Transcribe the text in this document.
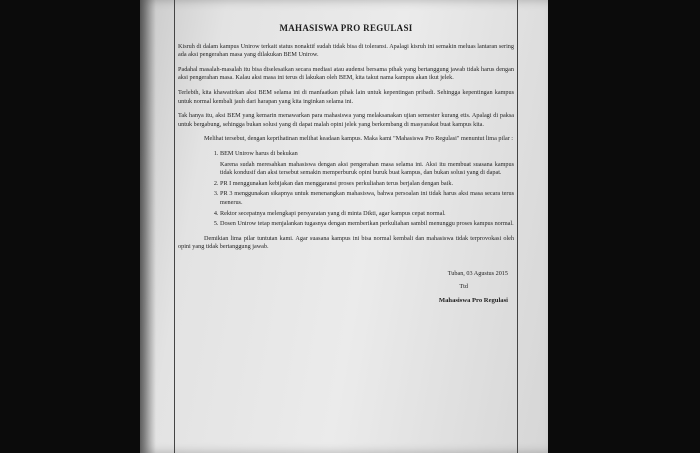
MAHASISWA PRO REGULASI

Kisruh di dalam kampus Unirow terkait status nonaktif sudah tidak bisa di toleransi. Apalagi kisruh ini semakin meluas lantaran sering ada aksi pengerahan masa yang dilakukan BEM Unirow.

Padahal masalah-masalah itu bisa diselesaikan secara mediasi atau audensi bersama pihak yang bertanggung jawab tidak harus dengan aksi pengerahan masa. Kalau aksi masa ini terus di lakukan oleh BEM, kita takut nama kampus akan ikut jelek.

Terlebih, kita khawatirkan aksi BEM selama ini di manfaatkan pihak lain untuk kepentingan pribadi. Sehingga kepentingan kampus untuk normal kembali jauh dari harapan yang kita inginkan selama ini.

Tak hanya itu, aksi BEM yang kemarin menawarkan para mahasiswa yang melaksanakan ujian semester kurang etis. Apalagi di paksa untuk bergabung, sehingga bukan solusi yang di dapat malah opini jelek yang berkembang di masyarakat buat kampus kita.

Melihat tersebut, dengan keprihatinan melihat keadaan kampus. Maka kami "Mahasiswa Pro Regulasi" menuntut lima pilar :

1. BEM Unirow harus di bekukan
Karena sudah meresahkan mahasiswa dengan aksi pengerahan masa selama ini. Aksi itu membuat suasana kampus tidak kondusif dan aksi tersebut semakin memperburuk opini buruk buat kampus, dan bukan solusi yang di dapat.
2. PR I menggunakan kebijakan dan menggaransi proses perkuliahan terus berjalan dengan baik.
3. PR 3 menggunakan sikapnya untuk menenangkan mahasiswa, bahwa persoalan ini tidak harus aksi masa secara terus menerus.
4. Rektor secepatnya melengkapi persyaratan yang di minta Dikti, agar kampus cepat normal.
5. Dosen Unirow tetap menjalankan tugasnya dengan memberikan perkuliahan sambil menunggu proses kampus normal.

Demikian lima pilar tuntutan kami. Agar suasana kampus ini bisa normal kembali dan mahasiswa tidak terprovokasi oleh opini yang tidak bertanggung jawab.

Tuban, 03 Agustus 2015
Ttd
Mahasiswa Pro Regulasi
